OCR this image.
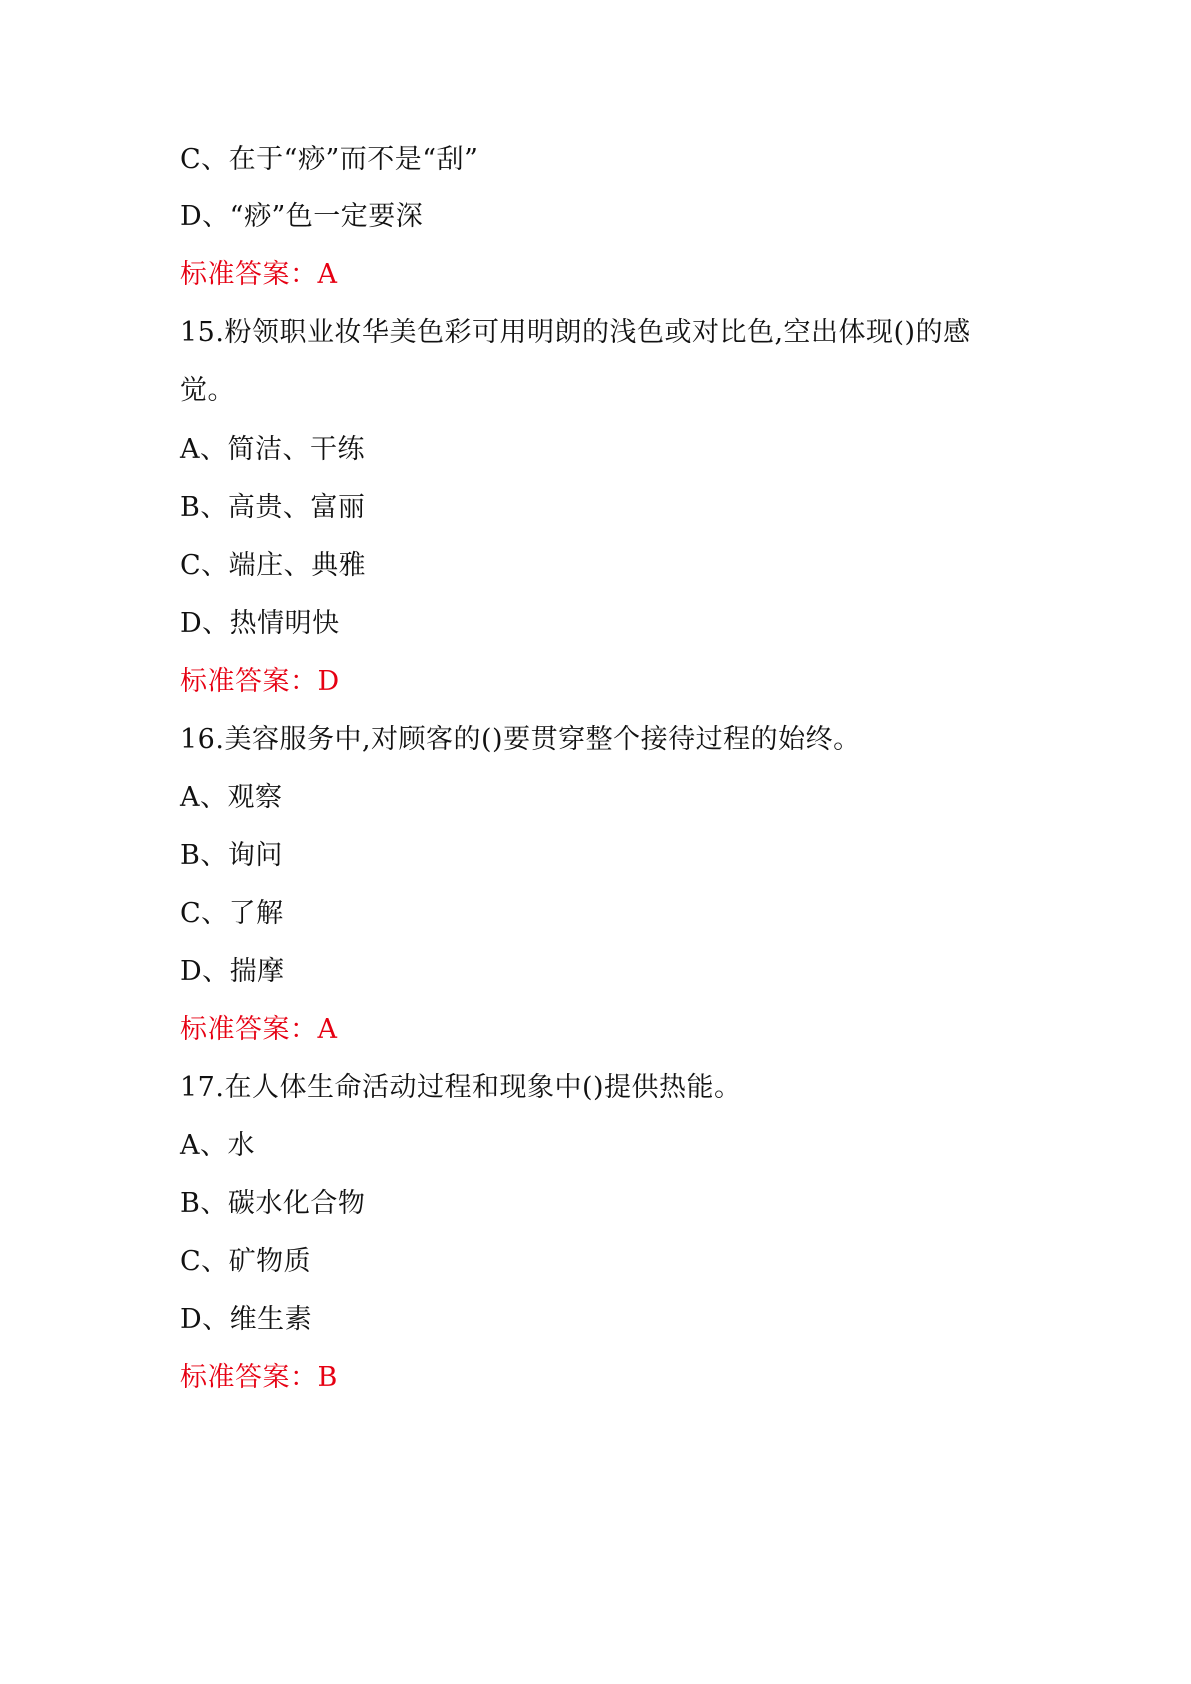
C、在于“痧”而不是“刮”
D、“痧”色一定要深
标准答案：A
15.粉领职业妆华美色彩可用明朗的浅色或对比色,空出体现()的感
觉。
A、简洁、干练
B、高贵、富丽
C、端庄、典雅
D、热情明快
标准答案：D
16.美容服务中,对顾客的()要贯穿整个接待过程的始终。
A、观察
B、询问
C、了解
D、揣摩
标准答案：A
17.在人体生命活动过程和现象中()提供热能。
A、水
B、碳水化合物
C、矿物质
D、维生素
标准答案：B
